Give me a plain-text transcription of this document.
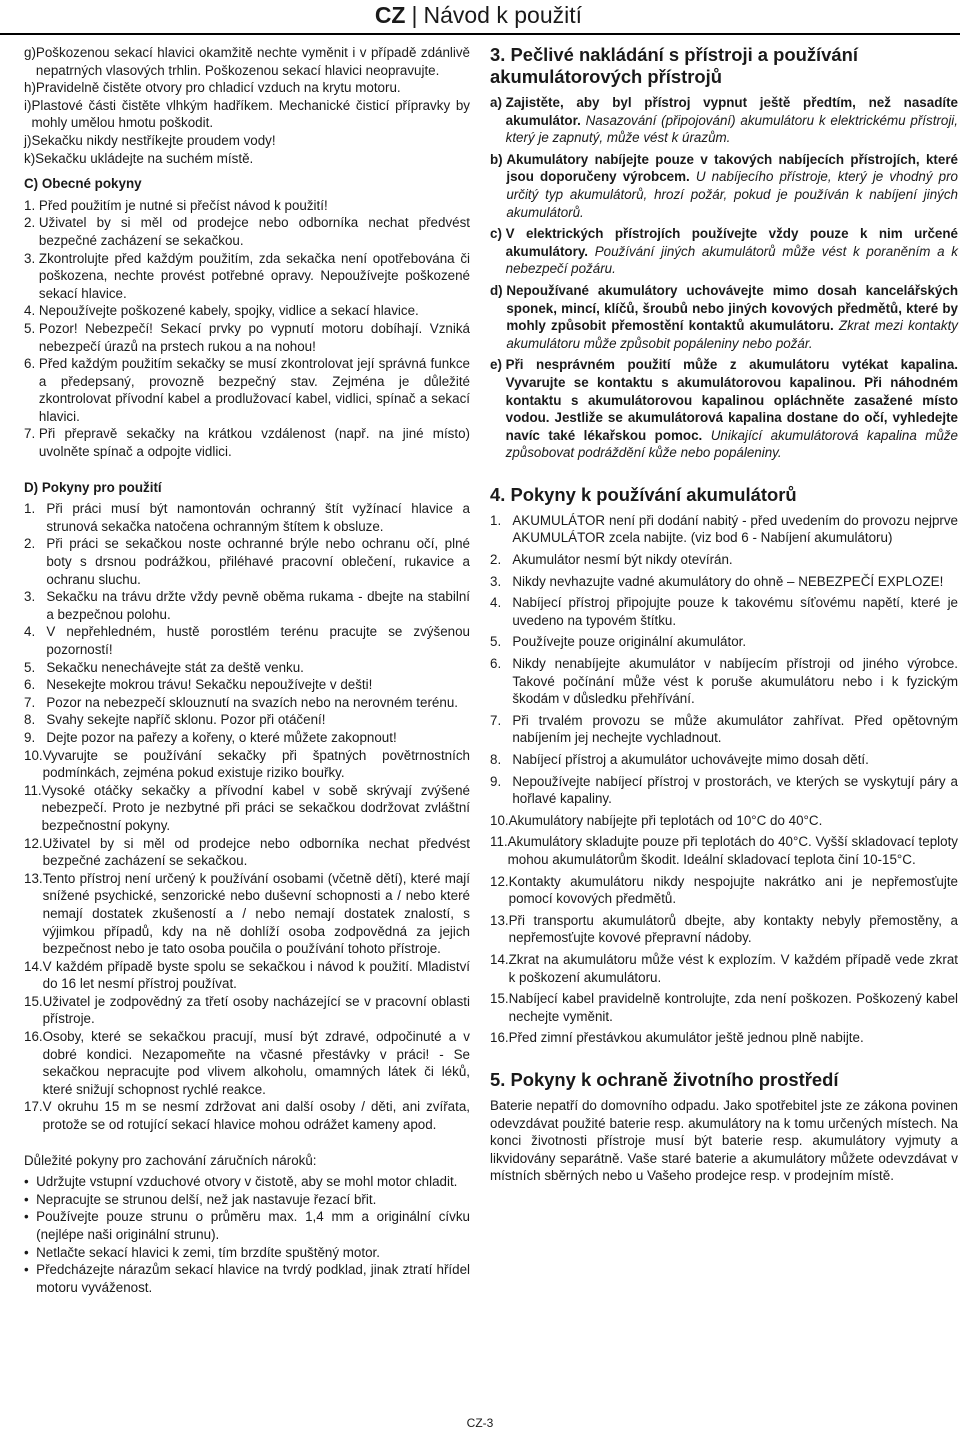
CZ | Návod k použití
g) Poškozenou sekací hlavici okamžitě nechte vyměnit i v případě zdánlivě nepatrných vlasových trhlin. Poškozenou sekací hlavici neopravujte.
h) Pravidelně čistěte otvory pro chladicí vzduch na krytu motoru.
i) Plastové části čistěte vlhkým hadříkem. Mechanické čisticí přípravky by mohly umělou hmotu poškodit.
j) Sekačku nikdy nestříkejte proudem vody!
k) Sekačku ukládejte na suchém místě.

C) Obecné pokyny

1. Před použitím je nutné si přečíst návod k použití!
2. Uživatel by si měl od prodejce nebo odborníka nechat předvést bezpečné zacházení se sekačkou.
3. Zkontrolujte před každým použitím, zda sekačka není opotřebována či poškozena, nechte provést potřebné opravy. Nepoužívejte poškozené sekací hlavice.
4. Nepoužívejte poškozené kabely, spojky, vidlice a sekací hlavice.
5. Pozor! Nebezpečí! Sekací prvky po vypnutí motoru dobíhají. Vzniká nebezpečí úrazů na prstech rukou a na nohou!
6. Před každým použitím sekačky se musí zkontrolovat její správná funkce a předepsaný, provozně bezpečný stav. Zejména je důležité zkontrolovat přívodní kabel a prodlužovací kabel, vidlici, spínač a sekací hlavici.
7. Při přepravě sekačky na krátkou vzdálenost (např. na jiné místo) uvolněte spínač a odpojte vidlici.

D) Pokyny pro použití

1. Při práci musí být namontován ochranný štít vyžínací hlavice a strunová sekačka natočena ochranným štítem k obsluze.
2. Při práci se sekačkou noste ochranné brýle nebo ochranu očí, plné boty s drsnou podrážkou, přiléhavé pracovní oblečení, rukavice a ochranu sluchu.
3. Sekačku na trávu držte vždy pevně oběma rukama - dbejte na stabilní a bezpečnou polohu.
4. V nepřehledném, hustě porostlém terénu pracujte se zvýšenou pozorností!
5. Sekačku nenechávejte stát za deště venku.
6. Nesekejte mokrou trávu! Sekačku nepoužívejte v dešti!
7. Pozor na nebezpečí sklouznutí na svazích nebo na nerovném terénu.
8. Svahy sekejte napříč sklonu. Pozor při otáčení!
9. Dejte pozor na pařezy a kořeny, o které můžete zakopnout!
10. Vyvarujte se používání sekačky při špatných povětrnostních podmínkách, zejména pokud existuje riziko bouřky.
11. Vysoké otáčky sekačky a přívodní kabel v sobě skrývají zvýšené nebezpečí. Proto je nezbytné při práci se sekačkou dodržovat zvláštní bezpečnostní pokyny.
12. Uživatel by si měl od prodejce nebo odborníka nechat předvést bezpečné zacházení se sekačkou.
13. Tento přístroj není určený k používání osobami (včetně dětí), které mají snížené psychické, senzorické nebo duševní schopnosti a / nebo které nemají dostatek zkušeností a / nebo nemají dostatek znalostí, s výjimkou případů, kdy na ně dohlíží osoba zodpovědná za jejich bezpečnost nebo je tato osoba poučila o používání tohoto přístroje.
14. V každém případě byste spolu se sekačkou i návod k použití. Mladiství do 16 let nesmí přístroj používat.
15. Uživatel je zodpovědný za třetí osoby nacházející se v pracovní oblasti přístroje.
16. Osoby, které se sekačkou pracují, musí být zdravé, odpočinuté a v dobré kondici. Nezapomeňte na včasné přestávky v práci! - Se sekačkou nepracujte pod vlivem alkoholu, omamných látek či léků, které snižují schopnost rychlé reakce.
17. V okruhu 15 m se nesmí zdržovat ani další osoby / děti, ani zvířata, protože se od rotující sekací hlavice mohou odrážet kameny apod.

Důležité pokyny pro zachování záručních nároků:

• Udržujte vstupní vzduchové otvory v čistotě, aby se mohl motor chladit.
• Nepracujte se strunou delší, než jak nastavuje řezací břit.
• Používejte pouze strunu o průměru max. 1,4 mm a originální cívku (nejlépe naši originální strunu).
• Netlačte sekací hlavici k zemi, tím brzdíte spuštěný motor.
• Předcházejte nárazům sekací hlavice na tvrdý podklad, jinak ztratí hřídel motoru vyváženost.

3. Pečlivé nakládání s přístroji a používání akumulátorových přístrojů

a) Zajistěte, aby byl přístroj vypnut ještě předtím, než nasadíte akumulátor. Nasazování (připojování) akumulátoru k elektrickému přístroji, který je zapnutý, může vést k úrazům.
b) Akumulátory nabíjejte pouze v takových nabíjecích přístrojích, které jsou doporučeny výrobcem. U nabíjecího přístroje, který je vhodný pro určitý typ akumulátorů, hrozí požár, pokud je používán k nabíjení jiných akumulátorů.
c) V elektrických přístrojích používejte vždy pouze k nim určené akumulátory. Používání jiných akumulátorů může vést k poraněním a k nebezpečí požáru.
d) Nepoužívané akumulátory uchovávejte mimo dosah kancelářských sponek, mincí, klíčů, šroubů nebo jiných kovových předmětů, které by mohly způsobit přemostění kontaktů akumulátoru. Zkrat mezi kontakty akumulátoru může způsobit popáleniny nebo požár.
e) Při nesprávném použití může z akumulátoru vytékat kapalina. Vyvarujte se kontaktu s akumulátorovou kapalinou. Při náhodném kontaktu s akumulátorovou kapalinou opláchněte zasažené místo vodou. Jestliže se akumulátorová kapalina dostane do očí, vyhledejte navíc také lékařskou pomoc. Unikající akumulátorová kapalina může způsobovat podráždění kůže nebo popáleniny.

4. Pokyny k používání akumulátorů

1. AKUMULÁTOR není při dodání nabitý - před uvedením do provozu nejprve AKUMULÁTOR zcela nabijte. (viz bod 6 - Nabíjení akumulátoru)
2. Akumulátor nesmí být nikdy otevírán.
3. Nikdy nevhazujte vadné akumulátory do ohně – NEBEZPEČÍ EXPLOZE!
4. Nabíjecí přístroj připojujte pouze k takovému síťovému napětí, které je uvedeno na typovém štítku.
5. Používejte pouze originální akumulátor.
6. Nikdy nenabíjejte akumulátor v nabíjecím přístroji od jiného výrobce. Takové počínání může vést k poruše akumulátoru nebo i k fyzickým škodám v důsledku přehřívání.
7. Při trvalém provozu se může akumulátor zahřívat. Před opětovným nabíjením jej nechejte vychladnout.
8. Nabíjecí přístroj a akumulátor uchovávejte mimo dosah dětí.
9. Nepoužívejte nabíjecí přístroj v prostorách, ve kterých se vyskytují páry a hořlavé kapaliny.
10. Akumulátory nabíjejte při teplotách od 10°C do 40°C.
11. Akumulátory skladujte pouze při teplotách do 40°C. Vyšší skladovací teploty mohou akumulátorům škodit. Ideální skladovací teplota činí 10-15°C.
12. Kontakty akumulátoru nikdy nespojujte nakrátko ani je nepřemosťujte pomocí kovových předmětů.
13. Při transportu akumulátorů dbejte, aby kontakty nebyly přemostěny, a nepřemosťujte kovové přepravní nádoby.
14. Zkrat na akumulátoru může vést k explozím. V každém případě vede zkrat k poškození akumulátoru.
15. Nabíjecí kabel pravidelně kontrolujte, zda není poškozen. Poškozený kabel nechejte vyměnit.
16. Před zimní přestávkou akumulátor ještě jednou plně nabijte.

5. Pokyny k ochraně životního prostředí

Baterie nepatří do domovního odpadu. Jako spotřebitel jste ze zákona povinen odevzdávat použité baterie resp. akumulátory na k tomu určených místech. Na konci životnosti přístroje musí být baterie resp. akumulátory vyjmuty a likvidovány separátně. Vaše staré baterie a akumulátory můžete odevzdávat v místních sběrných nebo u Vašeho prodejce resp. v prodejním místě.

CZ-3
